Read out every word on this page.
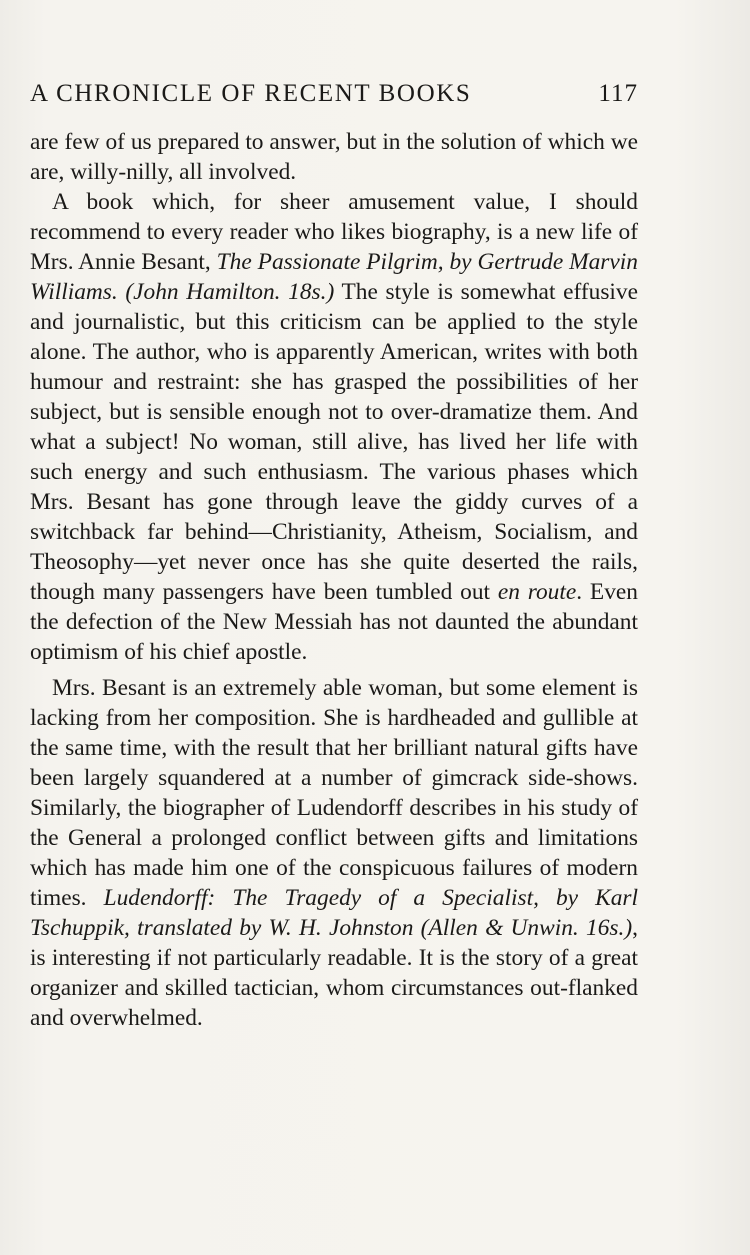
A CHRONICLE OF RECENT BOOKS	117

are few of us prepared to answer, but in the solution of which we are, willy-nilly, all involved.

A book which, for sheer amusement value, I should recommend to every reader who likes biography, is a new life of Mrs. Annie Besant, The Passionate Pilgrim, by Gertrude Marvin Williams. (John Hamilton. 18s.) The style is somewhat effusive and journalistic, but this criticism can be applied to the style alone. The author, who is apparently American, writes with both humour and restraint: she has grasped the possibilities of her subject, but is sensible enough not to over-dramatize them. And what a subject! No woman, still alive, has lived her life with such energy and such enthusiasm. The various phases which Mrs. Besant has gone through leave the giddy curves of a switchback far behind—Christianity, Atheism, Socialism, and Theosophy—yet never once has she quite deserted the rails, though many passengers have been tumbled out en route. Even the defection of the New Messiah has not daunted the abundant optimism of his chief apostle.

Mrs. Besant is an extremely able woman, but some element is lacking from her composition. She is hardheaded and gullible at the same time, with the result that her brilliant natural gifts have been largely squandered at a number of gimcrack side-shows. Similarly, the biographer of Ludendorff describes in his study of the General a prolonged conflict between gifts and limitations which has made him one of the conspicuous failures of modern times. Ludendorff: The Tragedy of a Specialist, by Karl Tschuppik, translated by W. H. Johnston (Allen & Unwin. 16s.), is interesting if not particularly readable. It is the story of a great organizer and skilled tactician, whom circumstances out-flanked and overwhelmed.
